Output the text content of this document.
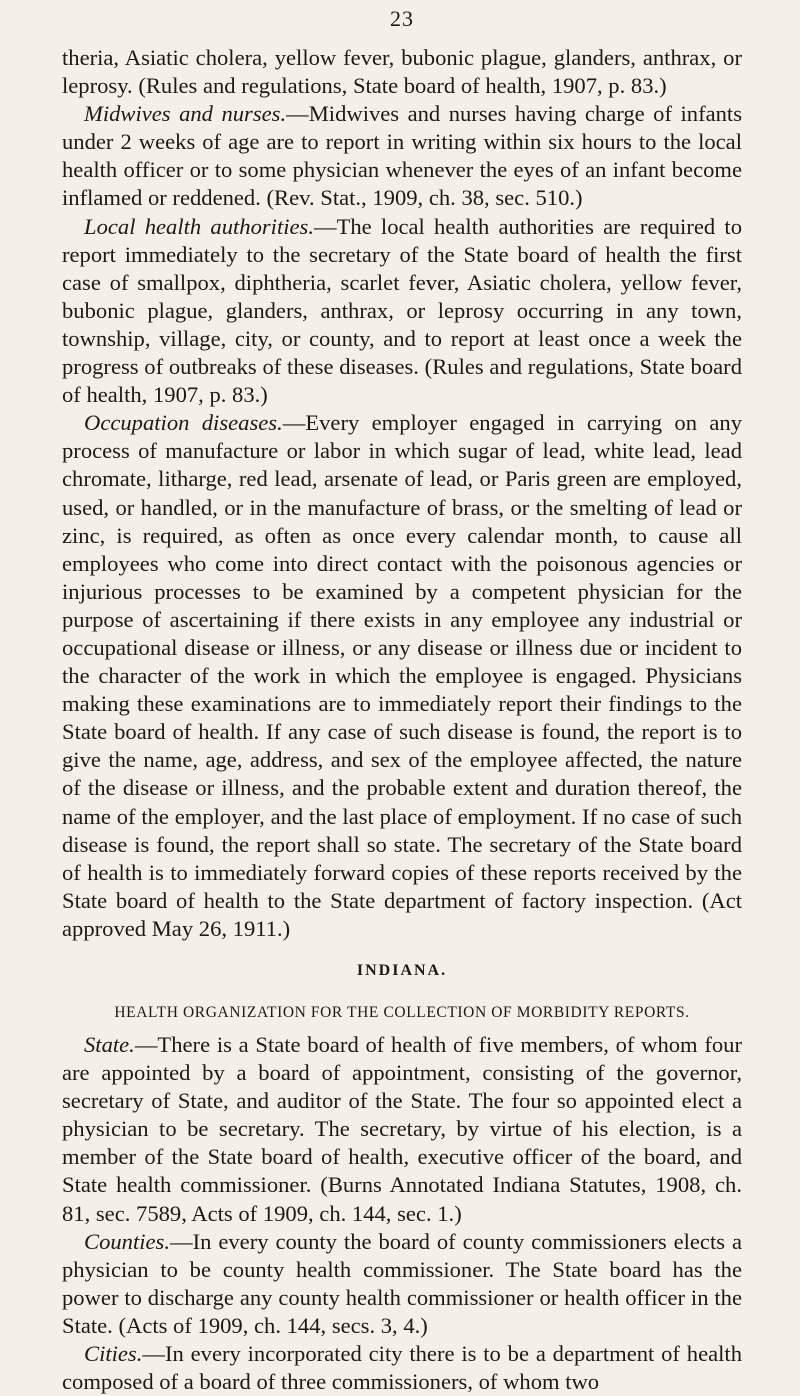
23

theria, Asiatic cholera, yellow fever, bubonic plague, glanders, anthrax, or leprosy. (Rules and regulations, State board of health, 1907, p. 83.)

Midwives and nurses.—Midwives and nurses having charge of infants under 2 weeks of age are to report in writing within six hours to the local health officer or to some physician whenever the eyes of an infant become inflamed or reddened. (Rev. Stat., 1909, ch. 38, sec. 510.)

Local health authorities.—The local health authorities are required to report immediately to the secretary of the State board of health the first case of smallpox, diphtheria, scarlet fever, Asiatic cholera, yellow fever, bubonic plague, glanders, anthrax, or leprosy occurring in any town, township, village, city, or county, and to report at least once a week the progress of outbreaks of these diseases. (Rules and regulations, State board of health, 1907, p. 83.)

Occupation diseases.—Every employer engaged in carrying on any process of manufacture or labor in which sugar of lead, white lead, lead chromate, litharge, red lead, arsenate of lead, or Paris green are employed, used, or handled, or in the manufacture of brass, or the smelting of lead or zinc, is required, as often as once every calendar month, to cause all employees who come into direct contact with the poisonous agencies or injurious processes to be examined by a competent physician for the purpose of ascertaining if there exists in any employee any industrial or occupational disease or illness, or any disease or illness due or incident to the character of the work in which the employee is engaged. Physicians making these examinations are to immediately report their findings to the State board of health. If any case of such disease is found, the report is to give the name, age, address, and sex of the employee affected, the nature of the disease or illness, and the probable extent and duration thereof, the name of the employer, and the last place of employment. If no case of such disease is found, the report shall so state. The secretary of the State board of health is to immediately forward copies of these reports received by the State board of health to the State department of factory inspection. (Act approved May 26, 1911.)

INDIANA.
HEALTH ORGANIZATION FOR THE COLLECTION OF MORBIDITY REPORTS.

State.—There is a State board of health of five members, of whom four are appointed by a board of appointment, consisting of the governor, secretary of State, and auditor of the State. The four so appointed elect a physician to be secretary. The secretary, by virtue of his election, is a member of the State board of health, executive officer of the board, and State health commissioner. (Burns Annotated Indiana Statutes, 1908, ch. 81, sec. 7589, Acts of 1909, ch. 144, sec. 1.)

Counties.—In every county the board of county commissioners elects a physician to be county health commissioner. The State board has the power to discharge any county health commissioner or health officer in the State. (Acts of 1909, ch. 144, secs. 3, 4.)

Cities.—In every incorporated city there is to be a department of health composed of a board of three commissioners, of whom two
